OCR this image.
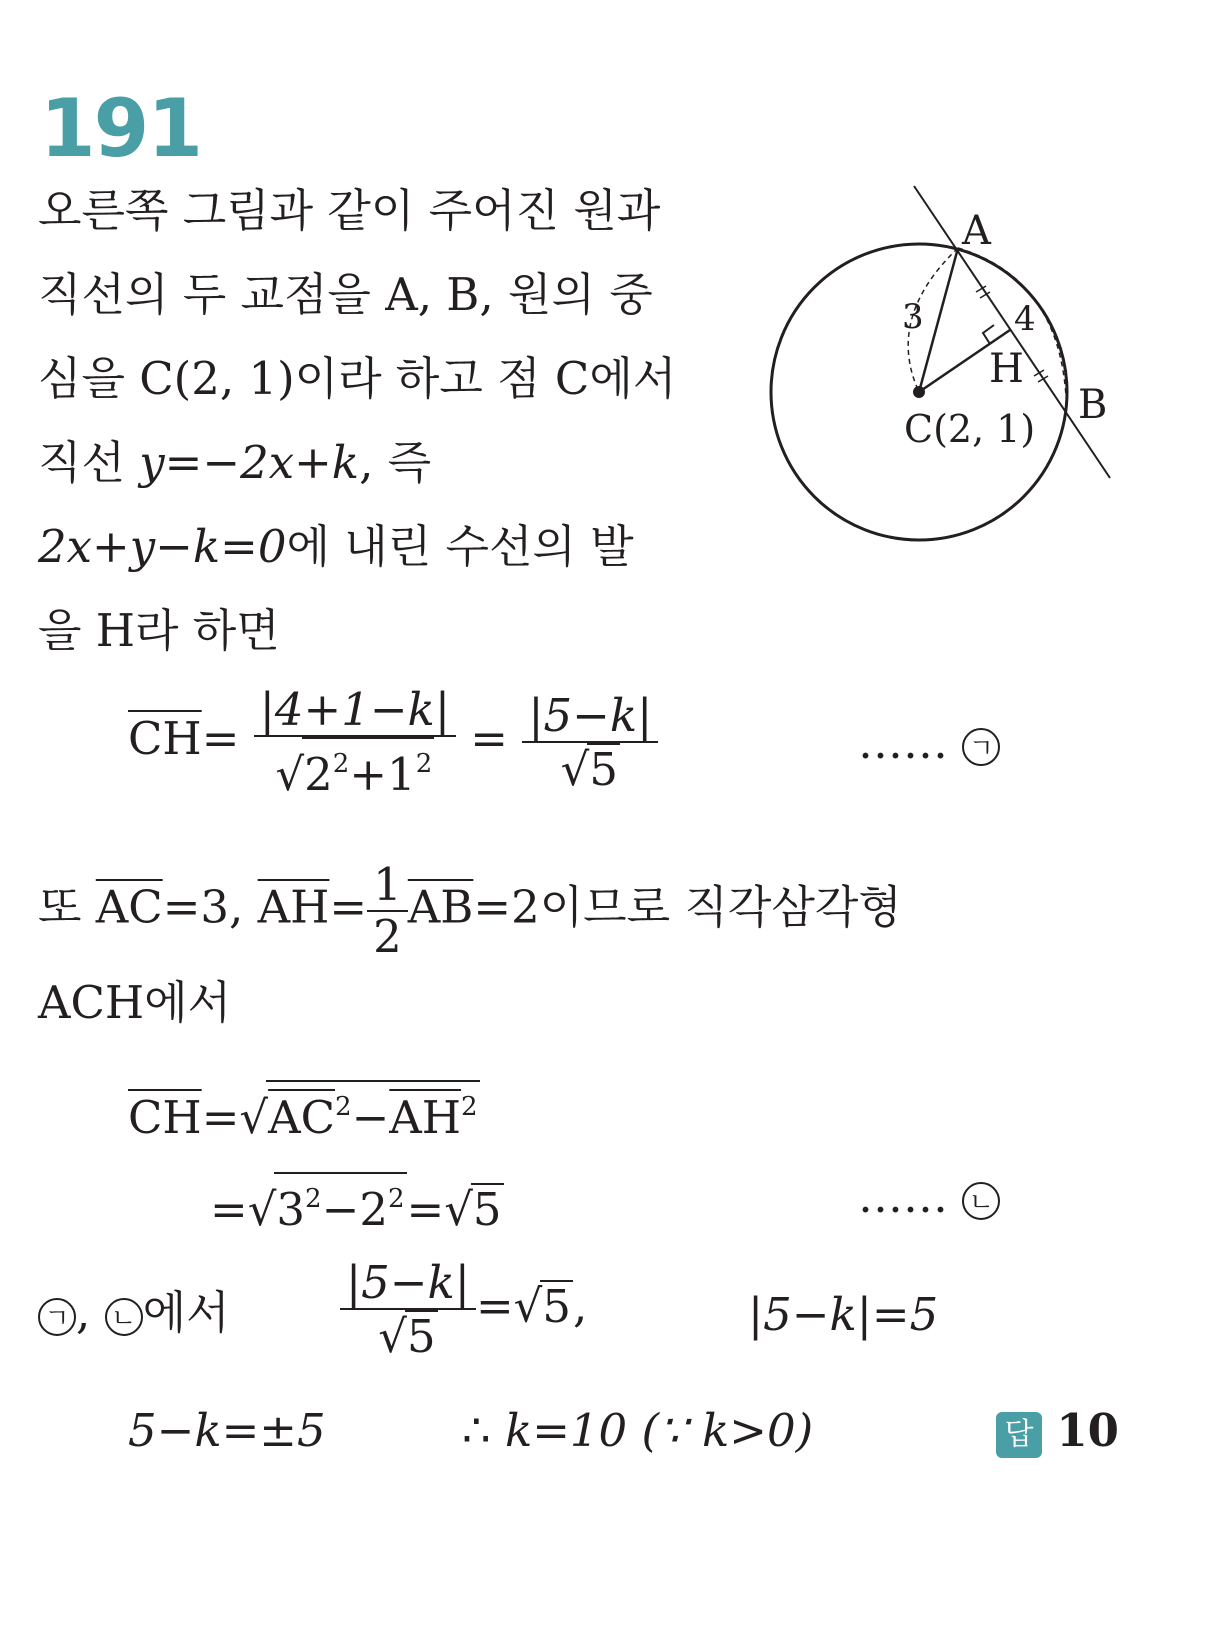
191
오른쪽 그림과 같이 주어진 원과
직선의 두 교점을 A, B, 원의 중
심을 C(2, 1)이라 하고 점 C에서
직선 y=−2x+k, 즉
2x+y−k=0에 내린 수선의 발
을 H라 하면
$\overline{CH}= \frac{|4+1-k|}{√2^2+1^2} = \frac{|5-k|}{√5}$	…… ㄱ
또 $\overline{AC}=3$, $\overline{AH}= \frac{1}{2} \overline{AB}=2$이므로 직각삼각형
ACH에서
$\overline{CH}=√AC^2-\overline{AH}^2$
$=√3^2-2^2=√5$	…… ㄴ
ㄱ , ㄴ 에서 $\frac{|5-k|}{√5} =√5$,	|5−k|=5
5−k=±5	∴ k=10 (∵ k>0)	답 10
A
B
H
C(2, 1)
3	4
